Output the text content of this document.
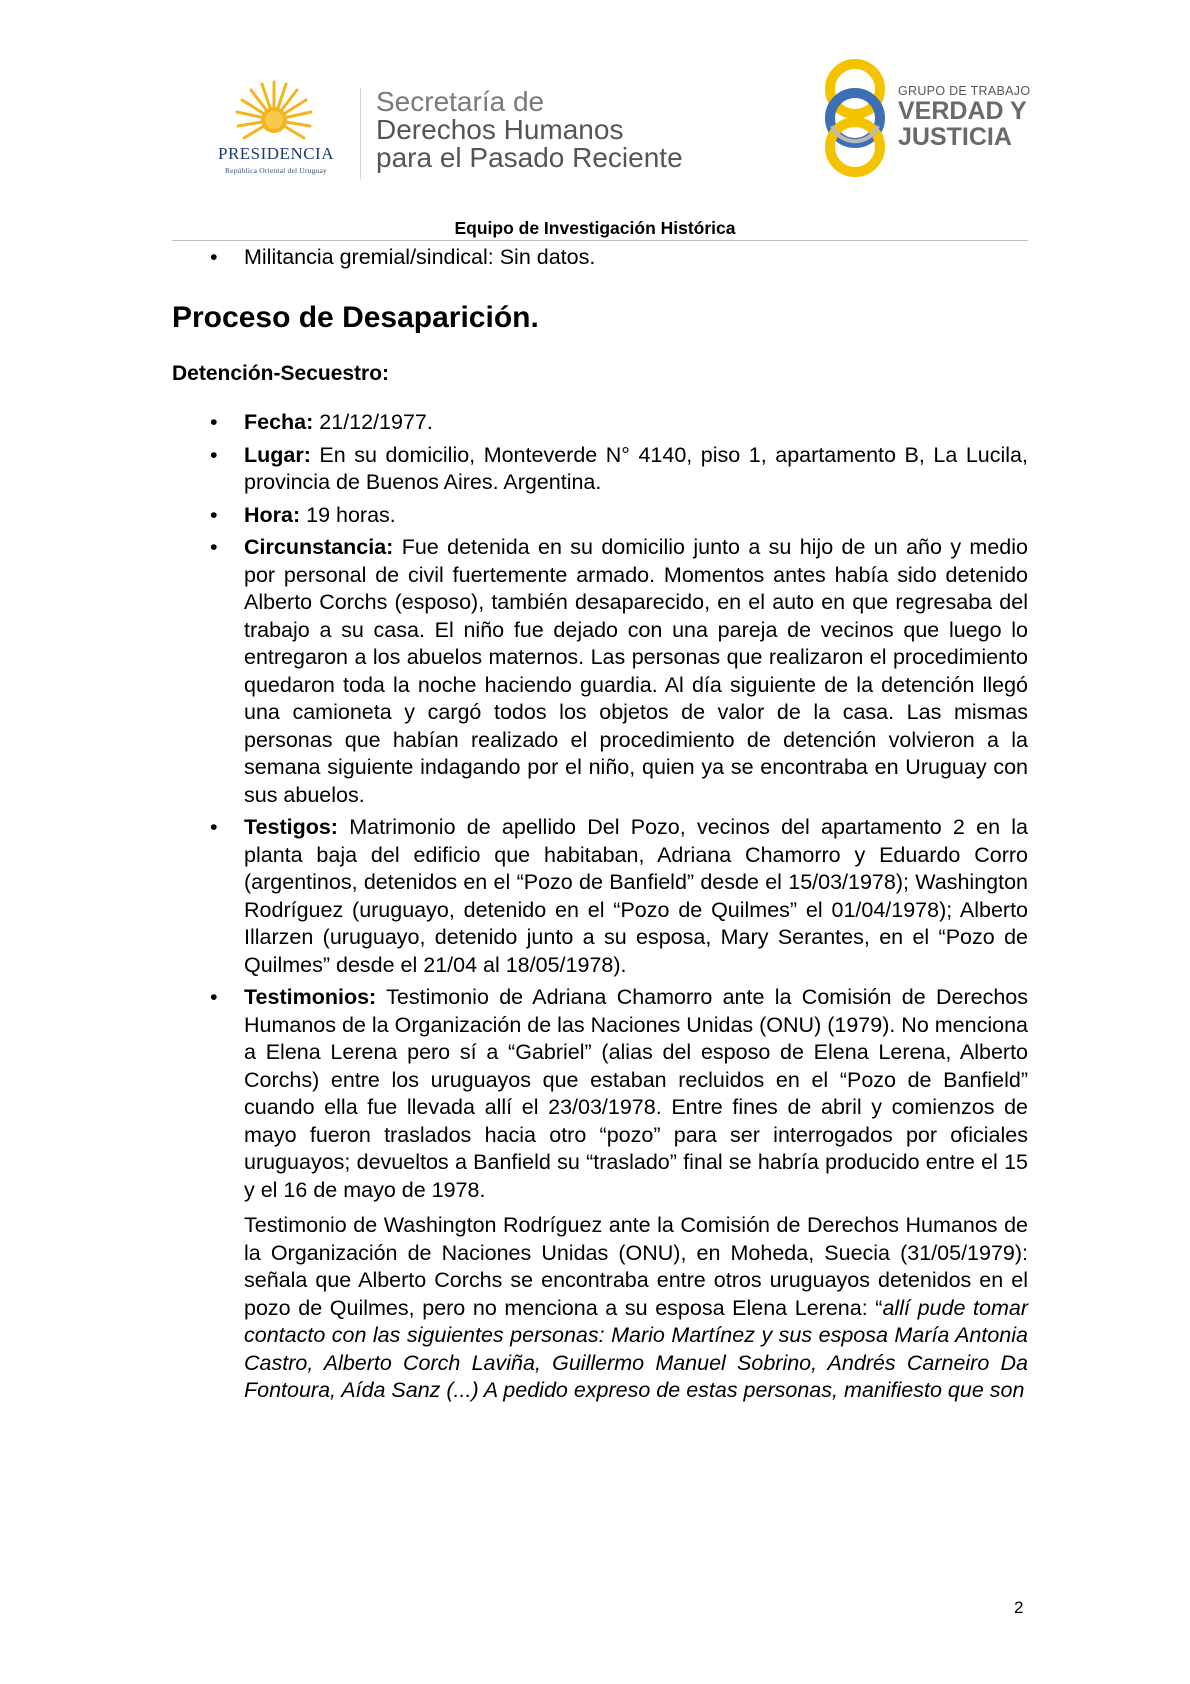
PRESIDENCIA
República Oriental del Uruguay
Secretaría de
Derechos Humanos
para el Pasado Reciente
GRUPO DE TRABAJO
VERDAD Y
JUSTICIA
Equipo de Investigación Histórica
• Militancia gremial/sindical: Sin datos.
Proceso de Desaparición.
Detención-Secuestro:
• Fecha: 21/12/1977.
• Lugar: En su domicilio, Monteverde N° 4140, piso 1, apartamento B, La Lucila, provincia de Buenos Aires. Argentina.
• Hora: 19 horas.
• Circunstancia: Fue detenida en su domicilio junto a su hijo de un año y medio por personal de civil fuertemente armado. Momentos antes había sido detenido Alberto Corchs (esposo), también desaparecido, en el auto en que regresaba del trabajo a su casa. El niño fue dejado con una pareja de vecinos que luego lo entregaron a los abuelos maternos. Las personas que realizaron el procedimiento quedaron toda la noche haciendo guardia. Al día siguiente de la detención llegó una camioneta y cargó todos los objetos de valor de la casa. Las mismas personas que habían realizado el procedimiento de detención volvieron a la semana siguiente indagando por el niño, quien ya se encontraba en Uruguay con sus abuelos.
• Testigos: Matrimonio de apellido Del Pozo, vecinos del apartamento 2 en la planta baja del edificio que habitaban, Adriana Chamorro y Eduardo Corro (argentinos, detenidos en el “Pozo de Banfield” desde el 15/03/1978); Washington Rodríguez (uruguayo, detenido en el “Pozo de Quilmes” el 01/04/1978); Alberto Illarzen (uruguayo, detenido junto a su esposa, Mary Serantes, en el “Pozo de Quilmes” desde el 21/04 al 18/05/1978).
• Testimonios: Testimonio de Adriana Chamorro ante la Comisión de Derechos Humanos de la Organización de las Naciones Unidas (ONU) (1979). No menciona a Elena Lerena pero sí a “Gabriel” (alias del esposo de Elena Lerena, Alberto Corchs) entre los uruguayos que estaban recluidos en el “Pozo de Banfield” cuando ella fue llevada allí el 23/03/1978. Entre fines de abril y comienzos de mayo fueron traslados hacia otro “pozo” para ser interrogados por oficiales uruguayos; devueltos a Banfield su “traslado” final se habría producido entre el 15 y el 16 de mayo de 1978.
Testimonio de Washington Rodríguez ante la Comisión de Derechos Humanos de la Organización de Naciones Unidas (ONU), en Moheda, Suecia (31/05/1979): señala que Alberto Corchs se encontraba entre otros uruguayos detenidos en el pozo de Quilmes, pero no menciona a su esposa Elena Lerena: “allí pude tomar contacto con las siguientes personas: Mario Martínez y sus esposa María Antonia Castro, Alberto Corch Laviña, Guillermo Manuel Sobrino, Andrés Carneiro Da Fontoura, Aída Sanz (...) A pedido expreso de estas personas, manifiesto que son
2
